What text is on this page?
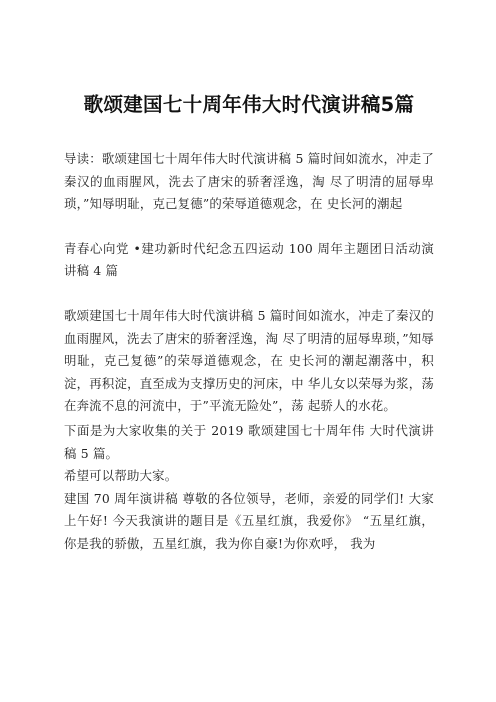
歌颂建国七十周年伟大时代演讲稿5篇

导读：歌颂建国七十周年伟大时代演讲稿 5 篇时间如流水，冲走了秦汉的血雨腥风，洗去了唐宋的骄奢淫逸，淘 尽了明清的屈辱卑琐，”知辱明耻，克己复德”的荣辱道德观念，在 史长河的潮起

青春心向党 •建功新时代纪念五四运动 100 周年主题团日活动演讲稿 4 篇

歌颂建国七十周年伟大时代演讲稿 5 篇时间如流水，冲走了秦汉的血雨腥风，洗去了唐宋的骄奢淫逸，淘 尽了明清的屈辱卑琐，”知辱明耻，克己复德”的荣辱道德观念，在 史长河的潮起潮落中，积淀，再积淀，直至成为支撑历史的河床，中 华儿女以荣辱为浆，荡在奔流不息的河流中，于”平流无险处”，荡 起骄人的水花。

下面是为大家收集的关于 2019 歌颂建国七十周年伟 大时代演讲稿 5 篇。

希望可以帮助大家。

建国 70 周年演讲稿 尊敬的各位领导，老师，亲爱的同学们! 大家上午好! 今天我演讲的题目是《五星红旗，我爱你》 “五星红旗，你是我的骄傲，五星红旗，我为你自豪!为你欢呼， 我为
